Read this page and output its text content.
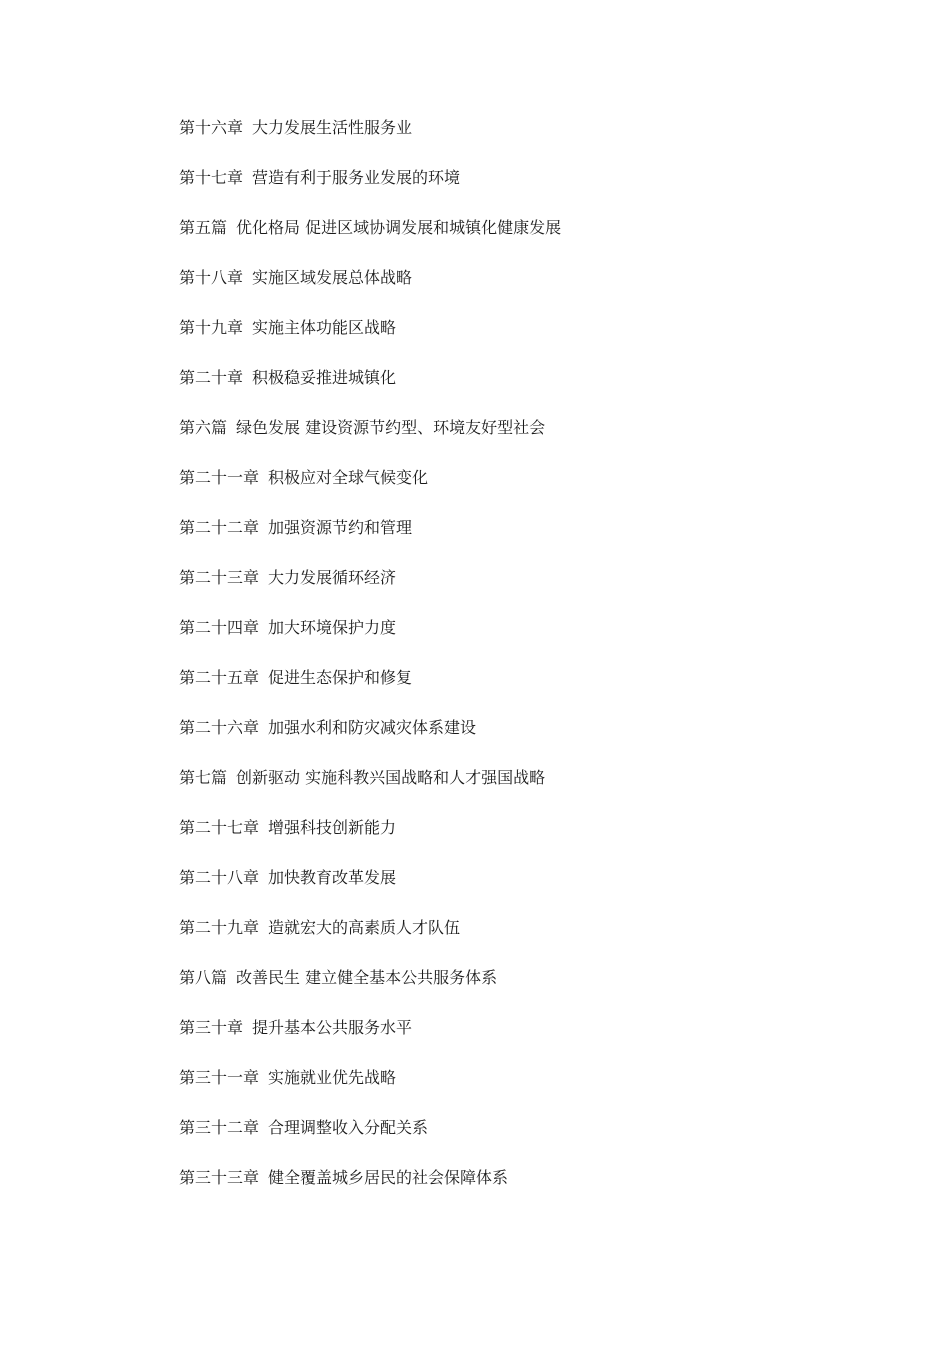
第十六章 大力发展生活性服务业
第十七章 营造有利于服务业发展的环境
第五篇 优化格局 促进区域协调发展和城镇化健康发展
第十八章 实施区域发展总体战略
第十九章 实施主体功能区战略
第二十章 积极稳妥推进城镇化
第六篇 绿色发展 建设资源节约型、环境友好型社会
第二十一章 积极应对全球气候变化
第二十二章 加强资源节约和管理
第二十三章 大力发展循环经济
第二十四章 加大环境保护力度
第二十五章 促进生态保护和修复
第二十六章 加强水利和防灾减灾体系建设
第七篇 创新驱动 实施科教兴国战略和人才强国战略
第二十七章 增强科技创新能力
第二十八章 加快教育改革发展
第二十九章 造就宏大的高素质人才队伍
第八篇 改善民生 建立健全基本公共服务体系
第三十章 提升基本公共服务水平
第三十一章 实施就业优先战略
第三十二章 合理调整收入分配关系
第三十三章 健全覆盖城乡居民的社会保障体系
